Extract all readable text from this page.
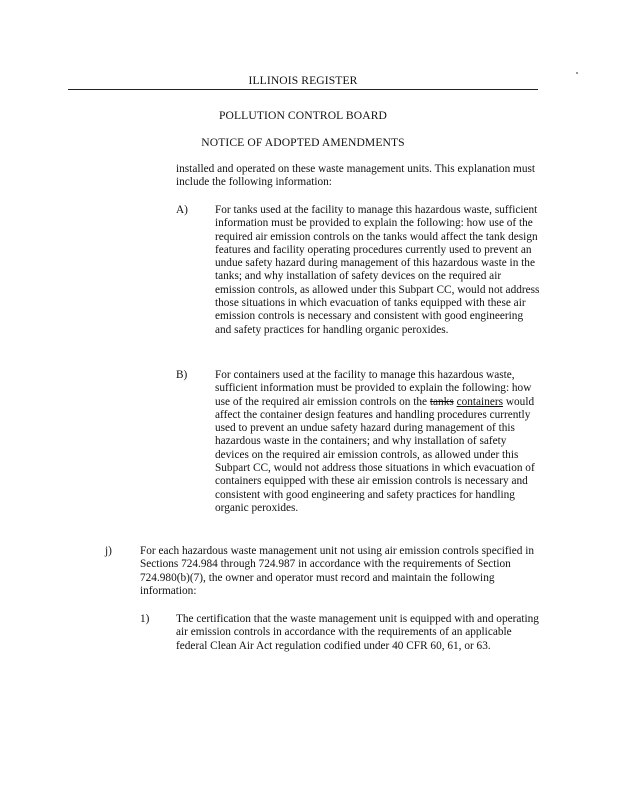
ILLINOIS REGISTER
POLLUTION CONTROL BOARD
NOTICE OF ADOPTED AMENDMENTS

installed and operated on these waste management units. This explanation must include the following information:

A) For tanks used at the facility to manage this hazardous waste, sufficient information must be provided to explain the following: how use of the required air emission controls on the tanks would affect the tank design features and facility operating procedures currently used to prevent an undue safety hazard during management of this hazardous waste in the tanks; and why installation of safety devices on the required air emission controls, as allowed under this Subpart CC, would not address those situations in which evacuation of tanks equipped with these air emission controls is necessary and consistent with good engineering and safety practices for handling organic peroxides.

B) For containers used at the facility to manage this hazardous waste, sufficient information must be provided to explain the following: how use of the required air emission controls on the tanks containers would affect the container design features and handling procedures currently used to prevent an undue safety hazard during management of this hazardous waste in the containers; and why installation of safety devices on the required air emission controls, as allowed under this Subpart CC, would not address those situations in which evacuation of containers equipped with these air emission controls is necessary and consistent with good engineering and safety practices for handling organic peroxides.

j) For each hazardous waste management unit not using air emission controls specified in Sections 724.984 through 724.987 in accordance with the requirements of Section 724.980(b)(7), the owner and operator must record and maintain the following information:

1) The certification that the waste management unit is equipped with and operating air emission controls in accordance with the requirements of an applicable federal Clean Air Act regulation codified under 40 CFR 60, 61, or 63.
